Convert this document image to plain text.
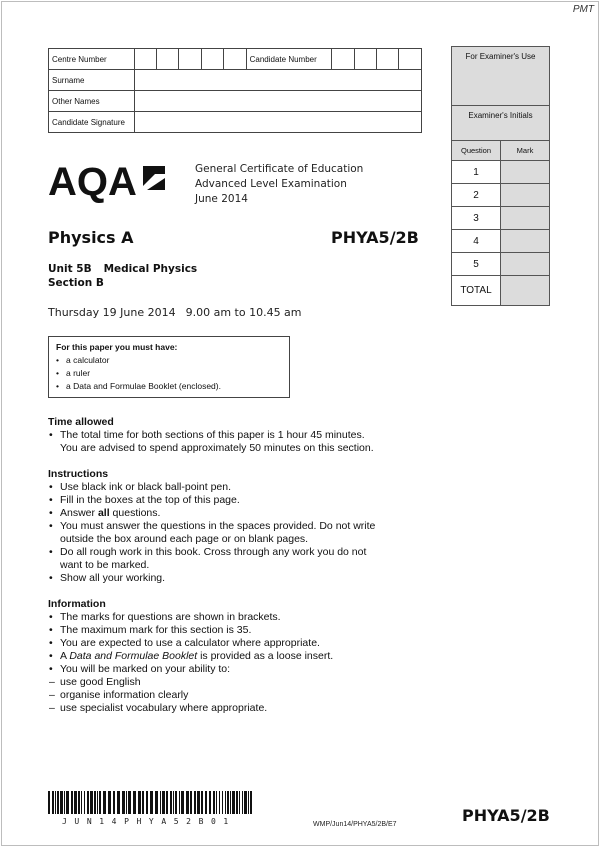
PMT
Centre Number						Candidate Number				
Surname										
Other Names										
Candidate Signature										
For Examiner's Use	
Examiner's Initials	
Question	Mark
1	
2	
3	
4	
5	
TOTAL	
AQA	General Certificate of Education
Advanced Level Examination
June 2014
Physics A	PHYA5/2B
Unit 5B Medical Physics
Section B
Thursday 19 June 2014 9.00 am to 10.45 am
For this paper you must have:
• a calculator
• a ruler
• a Data and Formulae Booklet (enclosed).
Time allowed
• The total time for both sections of this paper is 1 hour 45 minutes.
You are advised to spend approximately 50 minutes on this section.
Instructions
• Use black ink or black ball-point pen.
• Fill in the boxes at the top of this page.
• Answer all questions.
• You must answer the questions in the spaces provided. Do not write
outside the box around each page or on blank pages.
• Do all rough work in this book. Cross through any work you do not
want to be marked.
• Show all your working.
Information
• The marks for questions are shown in brackets.
• The maximum mark for this section is 35.
• You are expected to use a calculator where appropriate.
• A Data and Formulae Booklet is provided as a loose insert.
• You will be marked on your ability to:
– use good English
– organise information clearly
– use specialist vocabulary where appropriate.
JUN14PHYA52B01	WMP/Jun14/PHYA5/2B/E7	PHYA5/2B
